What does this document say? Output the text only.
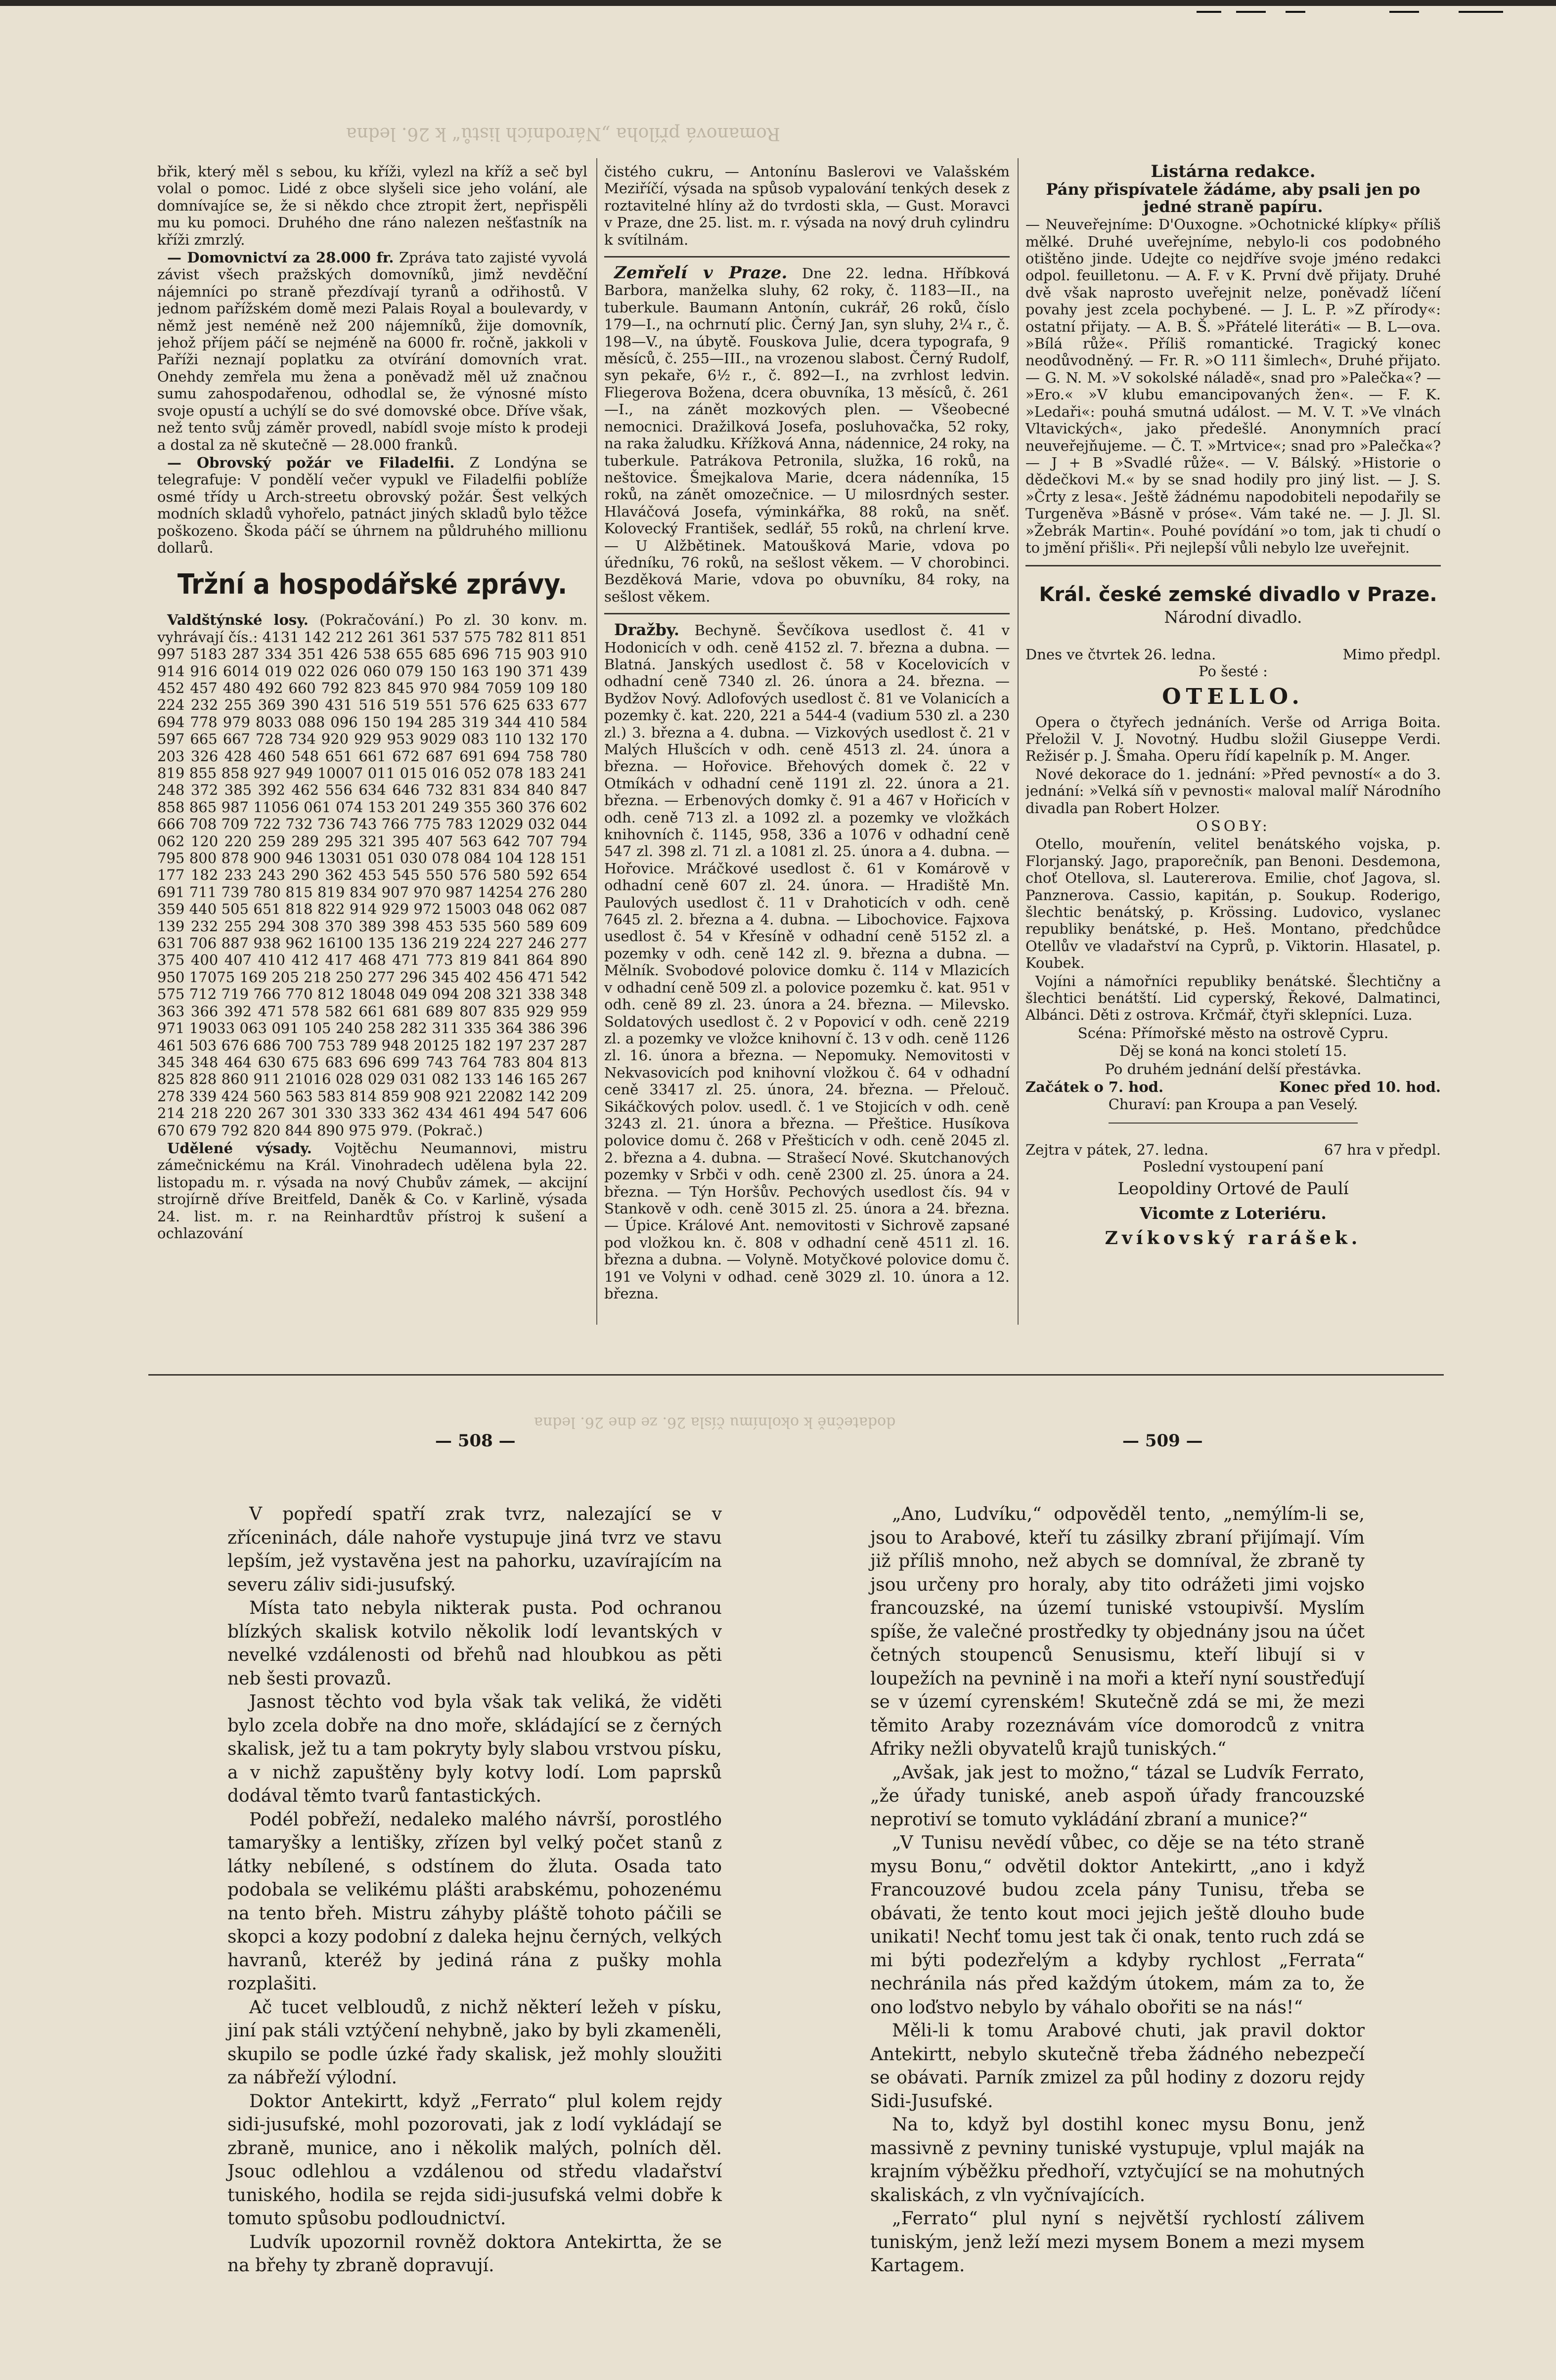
Romanová příloha „Národních listů“ k 26. ledna

břik, který měl s sebou, ku kříži, vylezl na kříž a seč byl volal o pomoc. Lidé z obce slyšeli sice jeho volání, ale domnívajíce se, že si někdo chce ztropit žert, nepřispěli mu ku pomoci. Druhého dne ráno nalezen nešťastník na kříži zmrzlý.

— Domovnictví za 28.000 fr. Zpráva tato zajisté vyvolá závist všech pražských domovníků, jimž nevděční nájemníci po straně přezdívají tyranů a odřihostů. V jednom pařížském domě mezi Palais Royal a boulevardy, v němž jest neméně než 200 nájemníků, žije domovník, jehož příjem páčí se nejméně na 6000 fr. ročně, jakkoli v Paříži neznají poplatku za otvírání domovních vrat. Onehdy zemřela mu žena a poněvadž měl už značnou sumu zahospodařenou, odhodlal se, že výnosné místo svoje opustí a uchýlí se do své domovské obce. Dříve však, než tento svůj záměr provedl, nabídl svoje místo k prodeji a dostal za ně skutečně — 28.000 franků.

— Obrovský požár ve Filadelfii. Z Londýna se telegrafuje: V pondělí večer vypukl ve Filadelfii poblíže osmé třídy u Arch-streetu obrovský požár. Šest velkých modních skladů vyhořelo, patnáct jiných skladů bylo těžce poškozeno. Škoda páčí se úhrnem na půldruhého millionu dollarů.

Tržní a hospodářské zprávy.

Valdštýnské losy. (Pokračování.) Po zl. 30 konv. m. vyhrávají čís.: 4131 142 212 261 361 537 575 782 811 851 997 5183 287 334 351 426 538 655 685 696 715 903 910 914 916 6014 019 022 026 060 079 150 163 190 371 439 452 457 480 492 660 792 823 845 970 984 7059 109 180 224 232 255 369 390 431 516 519 551 576 625 633 677 694 778 979 8033 088 096 150 194 285 319 344 410 584 597 665 667 728 734 920 929 953 9029 083 110 132 170 203 326 428 460 548 651 661 672 687 691 694 758 780 819 855 858 927 949 10007 011 015 016 052 078 183 241 248 372 385 392 462 556 634 646 732 831 834 840 847 858 865 987 11056 061 074 153 201 249 355 360 376 602 666 708 709 722 732 736 743 766 775 783 12029 032 044 062 120 220 259 289 295 321 395 407 563 642 707 794 795 800 878 900 946 13031 051 030 078 084 104 128 151 177 182 233 243 290 362 453 545 550 576 580 592 654 691 711 739 780 815 819 834 907 970 987 14254 276 280 359 440 505 651 818 822 914 929 972 15003 048 062 087 139 232 255 294 308 370 389 398 453 535 560 589 609 631 706 887 938 962 16100 135 136 219 224 227 246 277 375 400 407 410 412 417 468 471 773 819 841 864 890 950 17075 169 205 218 250 277 296 345 402 456 471 542 575 712 719 766 770 812 18048 049 094 208 321 338 348 363 366 392 471 578 582 661 681 689 807 835 929 959 971 19033 063 091 105 240 258 282 311 335 364 386 396 461 503 676 686 700 753 789 948 20125 182 197 237 287 345 348 464 630 675 683 696 699 743 764 783 804 813 825 828 860 911 21016 028 029 031 082 133 146 165 267 278 339 424 560 563 583 814 859 908 921 22082 142 209 214 218 220 267 301 330 333 362 434 461 494 547 606 670 679 792 820 844 890 975 979. (Pokrač.)

Udělené výsady. Vojtěchu Neumannovi, mistru zámečnickému na Král. Vinohradech udělena byla 22. listopadu m. r. výsada na nový Chubův zámek, — akcijní strojírně dříve Breitfeld, Daněk & Co. v Karlině, výsada 24. list. m. r. na Reinhardtův přístroj k sušení a ochlazování

čistého cukru, — Antonínu Baslerovi ve Valašském Meziříčí, výsada na spůsob vypalování tenkých desek z roztavitelné hlíny až do tvrdosti skla, — Gust. Moravci v Praze, dne 25. list. m. r. výsada na nový druh cylindru k svítilnám.

Zemřelí v Praze. Dne 22. ledna. Hříbková Barbora, manželka sluhy, 62 roky, č. 1183—II., na tuberkule. Baumann Antonín, cukrář, 26 roků, číslo 179—I., na ochrnutí plic. Černý Jan, syn sluhy, 2¼ r., č. 198—V., na úbytě. Fouskova Julie, dcera typografa, 9 měsíců, č. 255—III., na vrozenou slabost. Černý Rudolf, syn pekaře, 6½ r., č. 892—I., na zvrhlost ledvin. Fliegerova Božena, dcera obuvníka, 13 měsíců, č. 261—I., na zánět mozkových plen. — Všeobecné nemocnici. Dražilková Josefa, posluhovačka, 52 roky, na raka žaludku. Křížková Anna, nádennice, 24 roky, na tuberkule. Patrákova Petronila, služka, 16 roků, na neštovice. Šmejkalova Marie, dcera nádenníka, 15 roků, na zánět omozečnice. — U milosrdných sester. Hlaváčová Josefa, výminkářka, 88 roků, na sněť. Kolovecký František, sedlář, 55 roků, na chrlení krve. — U Alžbětinek. Matoušková Marie, vdova po úředníku, 76 roků, na sešlost věkem. — V chorobinci. Bezděková Marie, vdova po obuvníku, 84 roky, na sešlost věkem.

Dražby. Bechyně. Ševčíkova usedlost č. 41 v Hodonicích v odh. ceně 4152 zl. 7. března a dubna. — Blatná. Janských usedlost č. 58 v Kocelovicích v odhadní ceně 7340 zl. 26. února a 24. března. — Bydžov Nový. Adlofových usedlost č. 81 ve Volanicích a pozemky č. kat. 220, 221 a 544-4 (vadium 530 zl. a 230 zl.) 3. března a 4. dubna. — Vizkových usedlost č. 21 v Malých Hlušcích v odh. ceně 4513 zl. 24. února a března. — Hořovice. Břehových domek č. 22 v Otmíkách v odhadní ceně 1191 zl. 22. února a 21. března. — Erbenových domky č. 91 a 467 v Hořicích v odh. ceně 713 zl. a 1092 zl. a pozemky ve vložkách knihovních č. 1145, 958, 336 a 1076 v odhadní ceně 547 zl. 398 zl. 71 zl. a 1081 zl. 25. února a 4. dubna. — Hořovice. Mráčkové usedlost č. 61 v Komárově v odhadní ceně 607 zl. 24. února. — Hradiště Mn. Paulových usedlost č. 11 v Drahoticích v odh. ceně 7645 zl. 2. března a 4. dubna. — Libochovice. Fajxova usedlost č. 54 v Křesíně v odhadní ceně 5152 zl. a pozemky v odh. ceně 142 zl. 9. března a dubna. — Mělník. Svobodové polovice domku č. 114 v Mlazicích v odhadní ceně 509 zl. a polovice pozemku č. kat. 951 v odh. ceně 89 zl. 23. února a 24. března. — Milevsko. Soldatových usedlost č. 2 v Popovicí v odh. ceně 2219 zl. a pozemky ve vložce knihovní č. 13 v odh. ceně 1126 zl. 16. února a března. — Nepomuky. Nemovitosti v Nekvasovicích pod knihovní vložkou č. 64 v odhadní ceně 33417 zl. 25. února, 24. března. — Přelouč. Sikáčkových polov. usedl. č. 1 ve Stojicích v odh. ceně 3243 zl. 21. února a března. — Přeštice. Husíkova polovice domu č. 268 v Přešticích v odh. ceně 2045 zl. 2. března a 4. dubna. — Strašecí Nové. Skutchanových pozemky v Srbči v odh. ceně 2300 zl. 25. února a 24. března. — Týn Horšův. Pechových usedlost čís. 94 v Stankově v odh. ceně 3015 zl. 25. února a 24. března. — Úpice. Králové Ant. nemovitosti v Sichrově zapsané pod vložkou kn. č. 808 v odhadní ceně 4511 zl. 16. března a dubna. — Volyně. Motyčkové polovice domu č. 191 ve Volyni v odhad. ceně 3029 zl. 10. února a 12. března.

Listárna redakce.

Pány přispívatele žádáme, aby psali jen po jedné straně papíru.

— Neuveřejníme: D'Ouxogne. »Ochotnické klípky« příliš mělké. Druhé uveřejníme, nebylo-li cos podobného otištěno jinde. Udejte co nejdříve svoje jméno redakci odpol. feuilletonu. — A. F. v K. První dvě přijaty. Druhé dvě však naprosto uveřejnit nelze, poněvadž líčení povahy jest zcela pochybené. — J. L. P. »Z přírody«: ostatní přijaty. — A. B. Š. »Přátelé literáti« — B. L—ova. »Bílá růže«. Příliš romantické. Tragický konec neodůvodněný. — Fr. R. »O 111 šimlech«, Druhé přijato. — G. N. M. »V sokolské náladě«, snad pro »Palečka«? — »Ero.« »V klubu emancipovaných žen«. — F. K. »Ledaři«: pouhá smutná událost. — M. V. T. »Ve vlnách Vltavických«, jako předešlé. Anonymních prací neuveřejňujeme. — Č. T. »Mrtvice«; snad pro »Palečka«? — J + B »Svadlé růže«. — V. Bálský. »Historie o dědečkovi M.« by se snad hodily pro jiný list. — J. S. »Črty z lesa«. Ještě žádnému napodobiteli nepodařily se Turgeněva »Básně v próse«. Vám také ne. — J. Jl. Sl. »Žebrák Martin«. Pouhé povídání »o tom, jak ti chudí o to jmění přišli«. Při nejlepší vůli nebylo lze uveřejnit.

Král. české zemské divadlo v Praze.

Národní divadlo.

Dnes ve čtvrtek 26. ledna.	Mimo předpl.

Po šesté :

OTELLO.

Opera o čtyřech jednáních. Verše od Arriga Boita. Přeložil V. J. Novotný. Hudbu složil Giuseppe Verdi. Režisér p. J. Šmaha. Operu řídí kapelník p. M. Anger.

Nové dekorace do 1. jednání: »Před pevností« a do 3. jednání: »Velká síň v pevnosti« maloval malíř Národního divadla pan Robert Holzer.

OSOBY:

Otello, mouřenín, velitel benátského vojska, p. Florjanský. Jago, praporečník, pan Benoni. Desdemona, choť Otellova, sl. Lautererova. Emilie, choť Jagova, sl. Panznerova. Cassio, kapitán, p. Soukup. Roderigo, šlechtic benátský, p. Krössing. Ludovico, vyslanec republiky benátské, p. Heš. Montano, předchůdce Otellův ve vladařství na Cyprů, p. Viktorin. Hlasatel, p. Koubek.

Vojíni a námořníci republiky benátské. Šlechtičny a šlechtici benátští. Lid cyperský, Řekové, Dalmatinci, Albánci. Děti z ostrova. Krčmář, čtyři sklepníci. Luza.

Scéna: Přímořské město na ostrově Cypru.

Děj se koná na konci století 15.

Po druhém jednání delší přestávka.

Začátek o 7. hod.	Konec před 10. hod.

Churaví: pan Kroupa a pan Veselý.

Zejtra v pátek, 27. ledna.	67 hra v předpl.

Poslední vystoupení paní

Leopoldiny Ortové de Paulí

Vicomte z Loteriéru.

Zvíkovský rarášek.

dodatečně k okolnímu čísla 26. ze dne 26. ledna
— 508 —	— 509 —

V popředí spatří zrak tvrz, nalezající se v zříceninách, dále nahoře vystupuje jiná tvrz ve stavu lepším, jež vystavěna jest na pahorku, uzavírajícím na severu záliv sidi-jusufský.

Místa tato nebyla nikterak pusta. Pod ochranou blízkých skalisk kotvilo několik lodí levantských v nevelké vzdálenosti od břehů nad hloubkou as pěti neb šesti provazů.

Jasnost těchto vod byla však tak veliká, že viděti bylo zcela dobře na dno moře, skládající se z černých skalisk, jež tu a tam pokryty byly slabou vrstvou písku, a v nichž zapuštěny byly kotvy lodí. Lom paprsků dodával těmto tvarů fantastických.

Podél pobřeží, nedaleko malého návrší, porostlého tamaryšky a lentišky, zřízen byl velký počet stanů z látky nebílené, s odstínem do žluta. Osada tato podobala se velikému plášti arabskému, pohozenému na tento břeh. Mistru záhyby pláště tohoto páčili se skopci a kozy podobní z daleka hejnu černých, velkých havranů, kteréž by jediná rána z pušky mohla rozplašiti.

Ač tucet velbloudů, z nichž některí ležeh v písku, jiní pak stáli vztýčení nehybně, jako by byli zkameněli, skupilo se podle úzké řady skalisk, jež mohly sloužiti za nábřeží výlodní.

Doktor Antekirtt, když „Ferrato“ plul kolem rejdy sidi-jusufské, mohl pozorovati, jak z lodí vykládají se zbraně, munice, ano i několik malých, polních děl. Jsouc odlehlou a vzdálenou od středu vladařství tuniského, hodila se rejda sidi-jusufská velmi dobře k tomuto spůsobu podloudnictví.

Ludvík upozornil rovněž doktora Antekirtta, že se na břehy ty zbraně dopravují.

„Ano, Ludvíku,“ odpověděl tento, „nemýlím-li se, jsou to Arabové, kteří tu zásilky zbraní přijímají. Vím již příliš mnoho, než abych se domníval, že zbraně ty jsou určeny pro horaly, aby tito odrážeti jimi vojsko francouzské, na území tuniské vstoupivší. Myslím spíše, že valečné prostředky ty objednány jsou na účet četných stoupenců Senusismu, kteří libují si v loupežích na pevnině i na moři a kteří nyní soustřeďují se v území cyrenském! Skutečně zdá se mi, že mezi těmito Araby rozeznávám více domorodců z vnitra Afriky nežli obyvatelů krajů tuniských.“

„Avšak, jak jest to možno,“ tázal se Ludvík Ferrato, „že úřady tuniské, aneb aspoň úřady francouzské neprotiví se tomuto vykládání zbraní a munice?“

„V Tunisu nevědí vůbec, co děje se na této straně mysu Bonu,“ odvětil doktor Antekirtt, „ano i když Francouzové budou zcela pány Tunisu, třeba se obávati, že tento kout moci jejich ještě dlouho bude unikati! Nechť tomu jest tak či onak, tento ruch zdá se mi býti podezřelým a kdyby rychlost „Ferrata“ nechránila nás před každým útokem, mám za to, že ono loďstvo nebylo by váhalo obořiti se na nás!“

Měli-li k tomu Arabové chuti, jak pravil doktor Antekirtt, nebylo skutečně třeba žádného nebezpečí se obávati. Parník zmizel za půl hodiny z dozoru rejdy Sidi-Jusufské.

Na to, když byl dostihl konec mysu Bonu, jenž massivně z pevniny tuniské vystupuje, vplul maják na krajním výběžku předhoří, vztyčující se na mohutných skaliskách, z vln vyčnívajících.

„Ferrato“ plul nyní s největší rychlostí zálivem tuniským, jenž leží mezi mysem Bonem a mezi mysem Kartagem.
